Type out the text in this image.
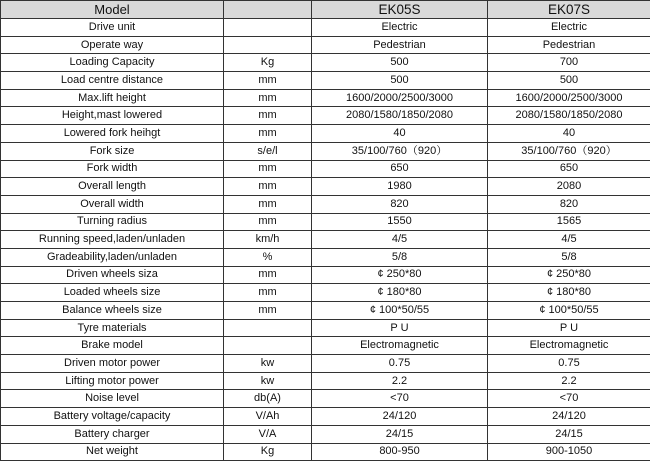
Model		EK05S	EK07S
Drive unit		Electric	Electric
Operate way		Pedestrian	Pedestrian
Loading Capacity	Kg	500	700
Load centre distance	mm	500	500
Max.lift height	mm	1600/2000/2500/3000	1600/2000/2500/3000
Height,mast lowered	mm	2080/1580/1850/2080	2080/1580/1850/2080
Lowered fork heihgt	mm	40	40
Fork size	s/e/l	35/100/760（920）	35/100/760（920）
Fork width	mm	650	650
Overall length	mm	1980	2080
Overall width	mm	820	820
Turning radius	mm	1550	1565
Running speed,laden/unladen	km/h	4/5	4/5
Gradeability,laden/unladen	%	5/8	5/8
Driven wheels siza	mm	¢ 250*80	¢ 250*80
Loaded wheels size	mm	¢ 180*80	¢ 180*80
Balance wheels size	mm	¢ 100*50/55	¢ 100*50/55
Tyre materials		P U	P U
Brake model		Electromagnetic	Electromagnetic
Driven motor power	kw	0.75	0.75
Lifting motor power	kw	2.2	2.2
Noise level	db(A)	<70	<70
Battery voltage/capacity	V/Ah	24/120	24/120
Battery charger	V/A	24/15	24/15
Net weight	Kg	800-950	900-1050
